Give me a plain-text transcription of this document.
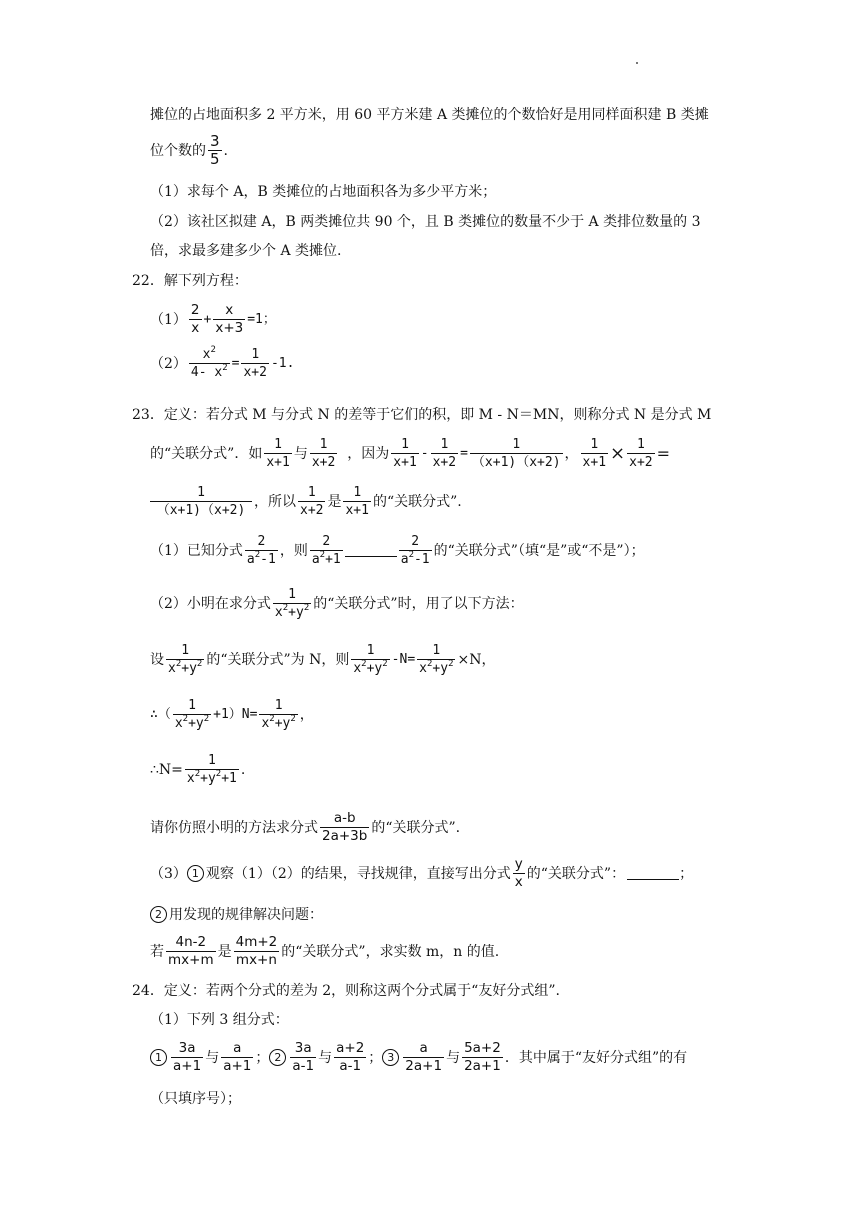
摊位的占地面积多 2 平方米，用 60 平方米建 A 类摊位的个数恰好是用同样面积建 B 类摊
位个数的 $\frac{3}{5}$ .
（1）求每个 A，B 类摊位的占地面积各为多少平方米；
（2）该社区拟建 A，B 两类摊位共 90 个，且 B 类摊位的数量不少于 A 类排位数量的 3
倍，求最多建多少个 A 类摊位.
22．解下列方程：
$(1) \frac{2}{x} + \frac{x}{x+3} =1$；
$(2) \frac{x^2}{4- x^2} = \frac{1}{x+2} -1$.
23．定义：若分式 M 与分式 N 的差等于它们的积，即 M - N＝MN，则称分式 N 是分式 M
的“关联分式”．如 $\frac{1}{x+1}$ 与 $\frac{1}{x+2}$ ，因为 $\frac{1}{x+1} - \frac{1}{x+2} = \frac{1}{(x+1)(x+2)}$ ， $\frac{1}{x+1} \times \frac{1}{x+2}$ =
$\frac{1}{(x+1)(x+2)}$ ，所以 $\frac{1}{x+2}$ 是 $\frac{1}{x+1}$ 的“关联分式”.
（1）已知分式 $\frac{2}{a^2-1}$ ，则 $\frac{2}{a^2+1}$	$\frac{2}{a^2-1}$ 的“关联分式”（填“是”或“不是”）；
（2）小明在求分式 $\frac{1}{x^2+y^2}$ 的“关联分式”时，用了以下方法：
设 $\frac{1}{x^2+y^2}$ 的“关联分式”为 N，则 $\frac{1}{x^2+y^2} -N= \frac{1}{x^2+y^2} \times N$，
∴（ $\frac{1}{x^2+y^2} +1)N= \frac{1}{x^2+y^2}$ ，
∴N= $\frac{1}{x^2+y^2+1}$ .
请你仿照小明的方法求分式 $\frac{a-b}{2a+3b}$ 的“关联分式”.
（3） 1 观察（1）（2）的结果，寻找规律，直接写出分式 $\frac{y}{x}$ 的“关联分式”：	；
2 用发现的规律解决问题：
若 $\frac{4n-2}{mx+m}$ 是 $\frac{4m+2}{mx+n}$ 的“关联分式”，求实数 m，n 的值.
24．定义：若两个分式的差为 2，则称这两个分式属于“友好分式组”.
（1）下列 3 组分式：
$1 \frac{3a}{a+1}$ 与 $\frac{a}{a+1}$ ； $2 \frac{3a}{a-1}$ 与 $\frac{a+2}{a-1}$ ； $3 \frac{a}{2a+1}$ 与 $\frac{5a+2}{2a+1}$ ．其中属于“友好分式组”的有
（只填序号）；
